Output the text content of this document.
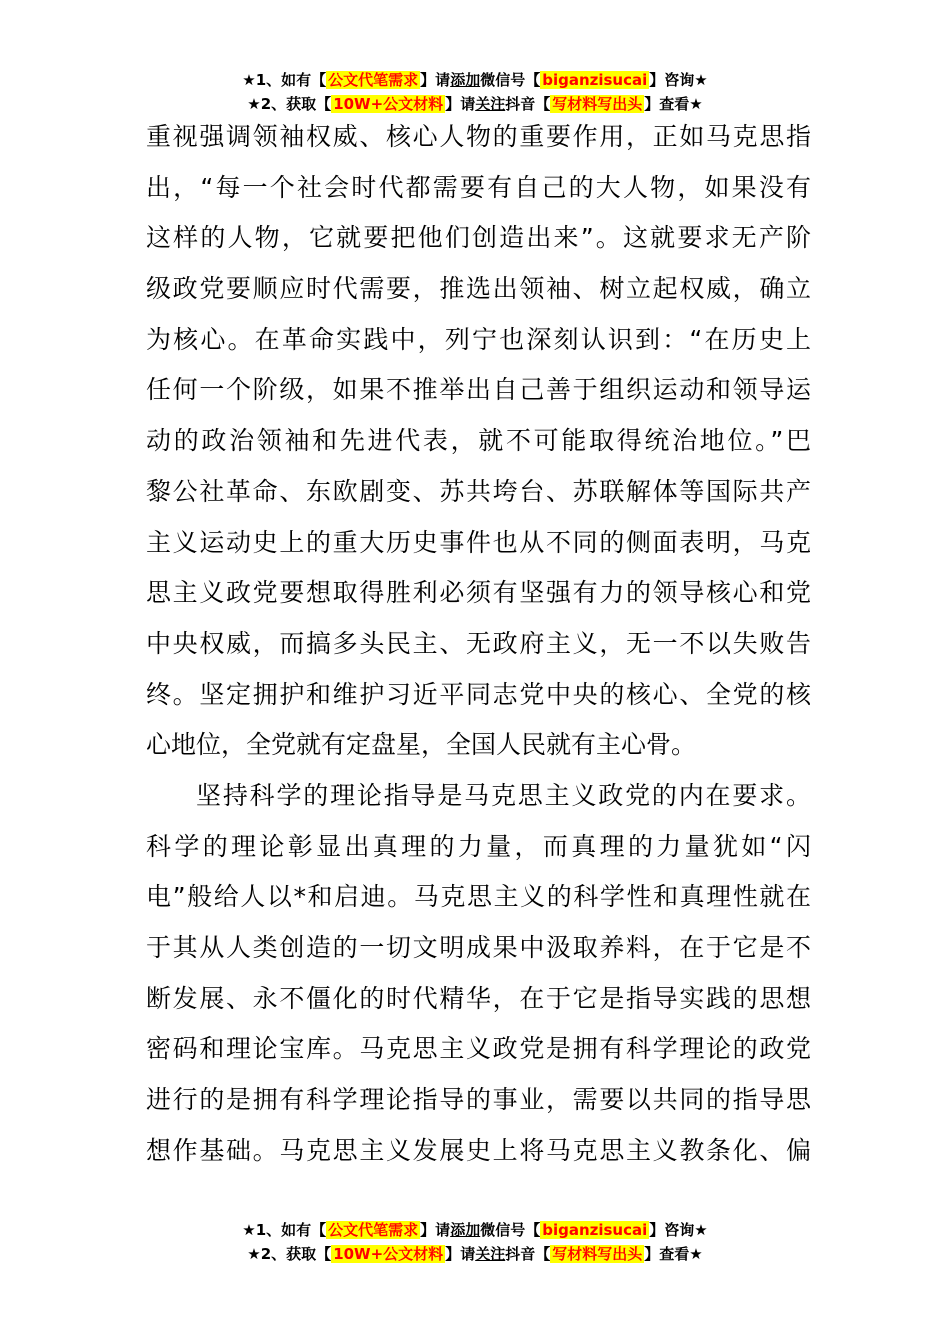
★1、如有【 公文代笔需求 】请添加微信号【 biganzisucai 】咨询★
★2、获取【 10W+公文材料 】请关注抖音【 写材料写出头 】查看★
重视强调领袖权威、核心人物的重要作用，正如马克思指
出，“每一个社会时代都需要有自己的大人物，如果没有
这样的人物，它就要把他们创造出来”。这就要求无产阶
级政党要顺应时代需要，推选出领袖、树立起权威，确立
为核心。在革命实践中，列宁也深刻认识到：“在历史上
任何一个阶级，如果不推举出自己善于组织运动和领导运
动的政治领袖和先进代表，就不可能取得统治地位。”巴
黎公社革命、东欧剧变、苏共垮台、苏联解体等国际共产
主义运动史上的重大历史事件也从不同的侧面表明，马克
思主义政党要想取得胜利必须有坚强有力的领导核心和党
中央权威，而搞多头民主、无政府主义，无一不以失败告
终。坚定拥护和维护习近平同志党中央的核心、全党的核
心地位，全党就有定盘星，全国人民就有主心骨。
坚持科学的理论指导是马克思主义政党的内在要求。
科学的理论彰显出真理的力量，而真理的力量犹如“闪
电”般给人以*和启迪。马克思主义的科学性和真理性就在
于其从人类创造的一切文明成果中汲取养料，在于它是不
断发展、永不僵化的时代精华，在于它是指导实践的思想
密码和理论宝库。马克思主义政党是拥有科学理论的政党
进行的是拥有科学理论指导的事业，需要以共同的指导思
想作基础。马克思主义发展史上将马克思主义教条化、偏
★1、如有【 公文代笔需求 】请添加微信号【 biganzisucai 】咨询★
★2、获取【 10W+公文材料 】请关注抖音【 写材料写出头 】查看★
